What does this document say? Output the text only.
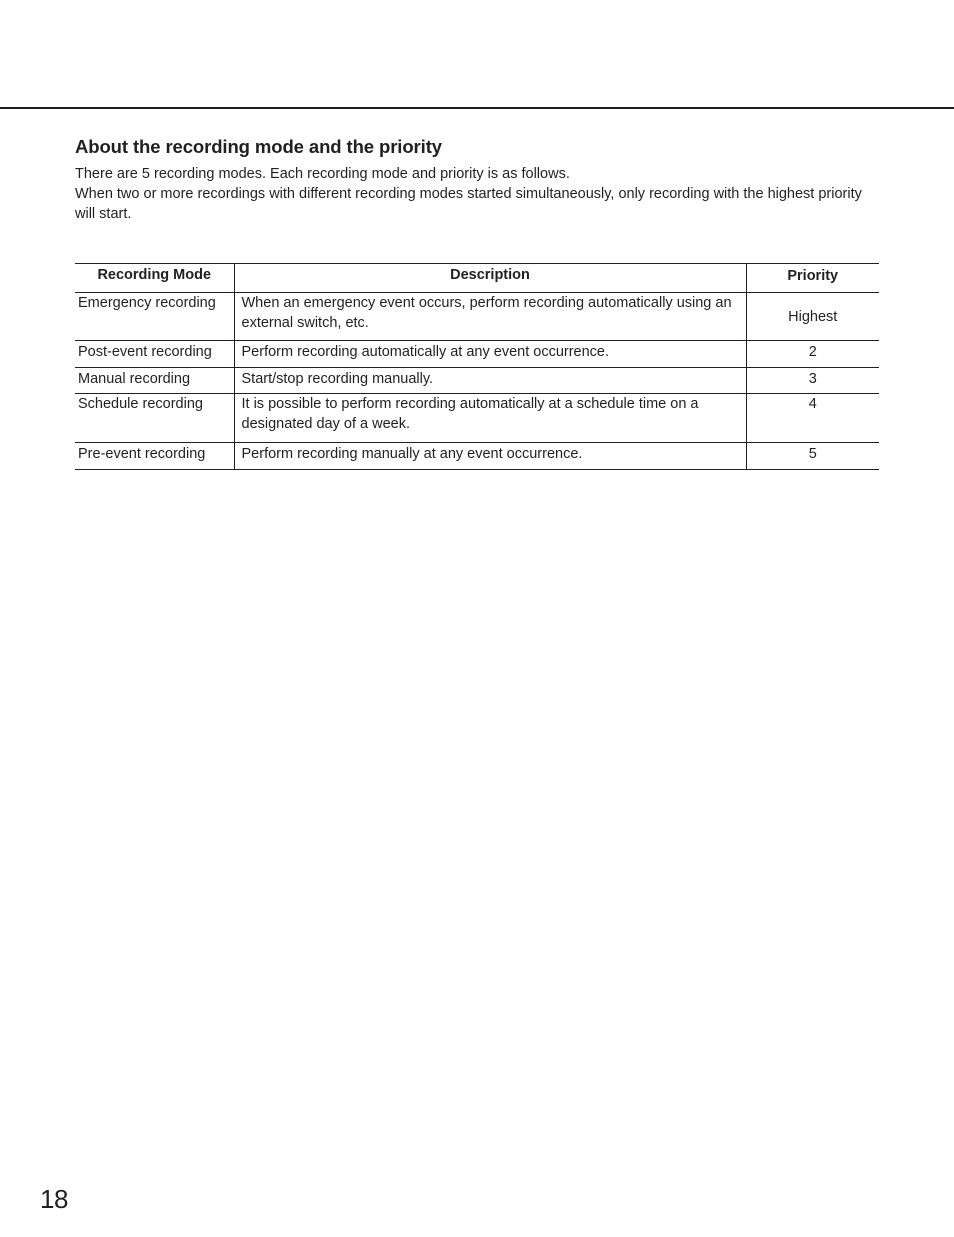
About the recording mode and the priority

There are 5 recording modes. Each recording mode and priority is as follows.

When two or more recordings with different recording modes started simultaneously, only recording with the highest priority will start.

Recording Mode	Description	Priority

Emergency recording	When an emergency event occurs, perform recording automatically using an external switch, etc.	Highest

Post-event recording	Perform recording automatically at any event occurrence.	2

Manual recording	Start/stop recording manually.	3

Schedule recording	It is possible to perform recording automatically at a schedule time on a designated day of a week.	4

Pre-event recording	Perform recording manually at any event occurrence.	5
18
